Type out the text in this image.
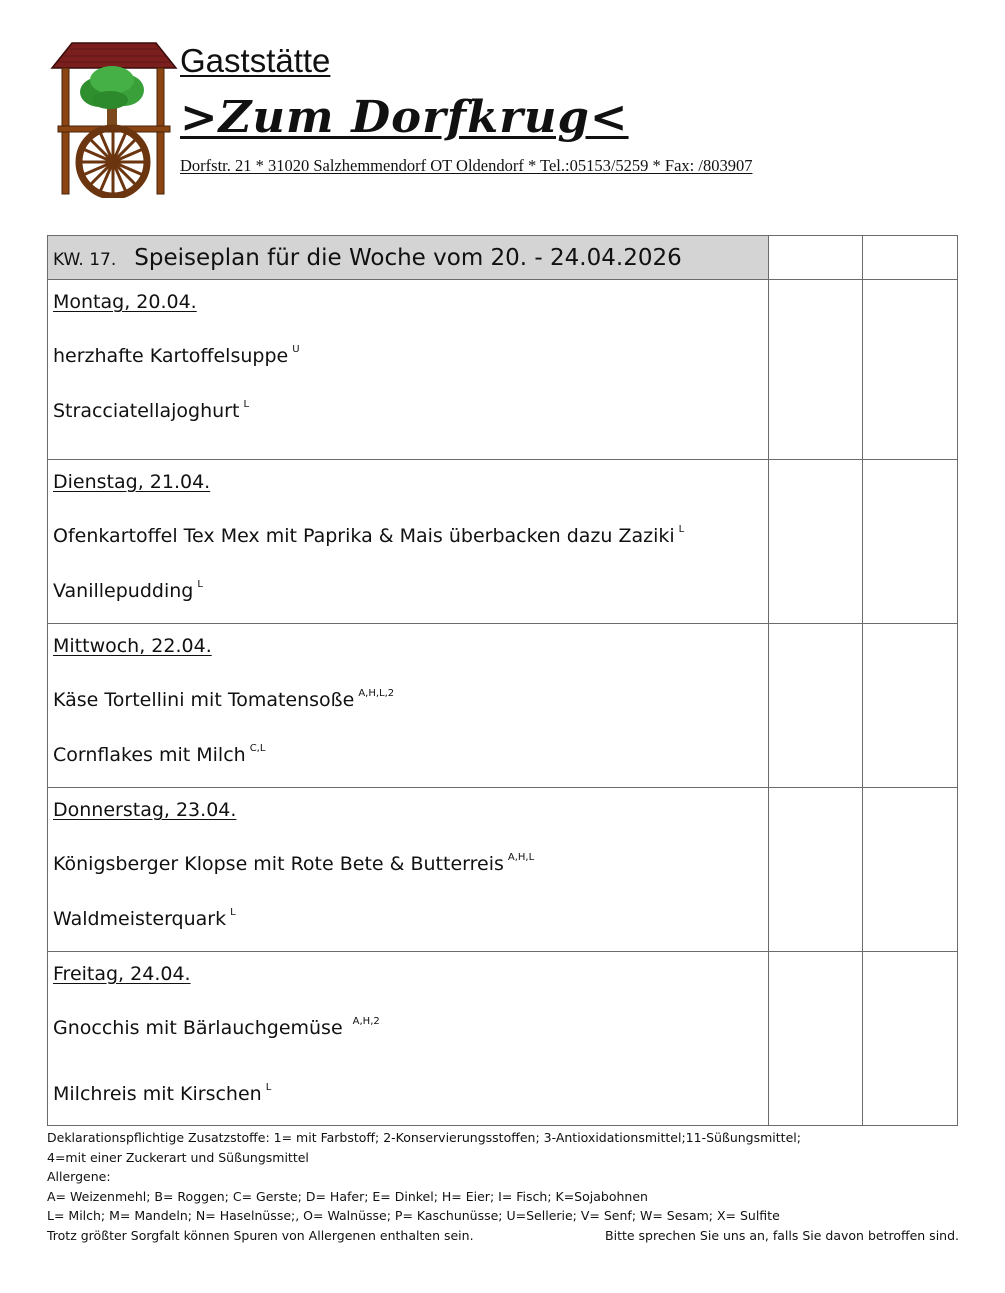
Gaststätte
>Zum Dorfkrug<
Dorfstr. 21 * 31020 Salzhemmendorf OT Oldendorf * Tel.:05153/5259 * Fax: /803907
KW. 17. Speiseplan für die Woche vom 20. - 24.04.2026		

Montag, 20.04.
herzhafte Kartoffelsuppe $^U$
Stracciatellajoghurt $^L$

Dienstag, 21.04.
Ofenkartoffel Tex Mex mit Paprika & Mais überbacken dazu Zaziki $^L$
Vanillepudding $^L$

Mittwoch, 22.04.
Käse Tortellini mit Tomatensoße $^{A,H,L,2}$
Cornflakes mit Milch $^{C,L}$

Donnerstag, 23.04.
Königsberger Klopse mit Rote Bete & Butterreis $^{A,H,L}$
Waldmeisterquark $^L$

Freitag, 24.04.
Gnocchis mit Bärlauchgemüse $^{A,H,2}$
Milchreis mit Kirschen $^L$

Deklarationspflichtige Zusatzstoffe: 1= mit Farbstoff; 2-Konservierungsstoffen; 3-Antioxidationsmittel;11-Süßungsmittel;
4=mit einer Zuckerart und Süßungsmittel
Allergene:
A= Weizenmehl; B= Roggen; C= Gerste; D= Hafer; E= Dinkel; H= Eier; I= Fisch; K=Sojabohnen
L= Milch; M= Mandeln; N= Haselnüsse;, O= Walnüsse; P= Kaschunüsse; U=Sellerie; V= Senf; W= Sesam; X= Sulfite
Trotz größter Sorgfalt können Spuren von Allergenen enthalten sein.	Bitte sprechen Sie uns an, falls Sie davon betroffen sind.
